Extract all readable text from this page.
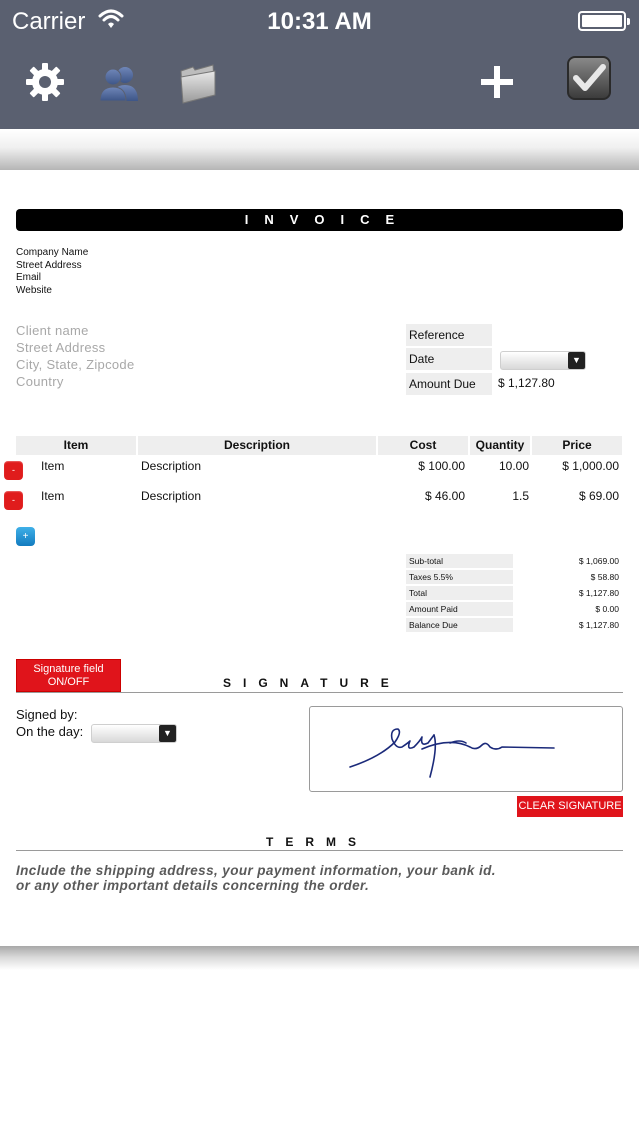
Carrier	10:31 AM
INVOICE
Company Name
Street Address
Email
Website
Client name
Street Address
City, State, Zipcode
Country
Reference
Date	▼
Amount Due	$ 1,127.80
Item	Description	Cost	Quantity	Price
-	Item	Description	$ 100.00	10.00	$ 1,000.00
-	Item	Description	$ 46.00	1.5	$ 69.00
+
Sub-total	$ 1,069.00
Taxes 5.5%	$ 58.80
Total	$ 1,127.80
Amount Paid	$ 0.00
Balance Due	$ 1,127.80
Signature field
ON/OFF	SIGNATURE
Signed by:
On the day:	▼
CLEAR SIGNATURE
TERMS
Include the shipping address, your payment information, your bank id.
or any other important details concerning the order.
